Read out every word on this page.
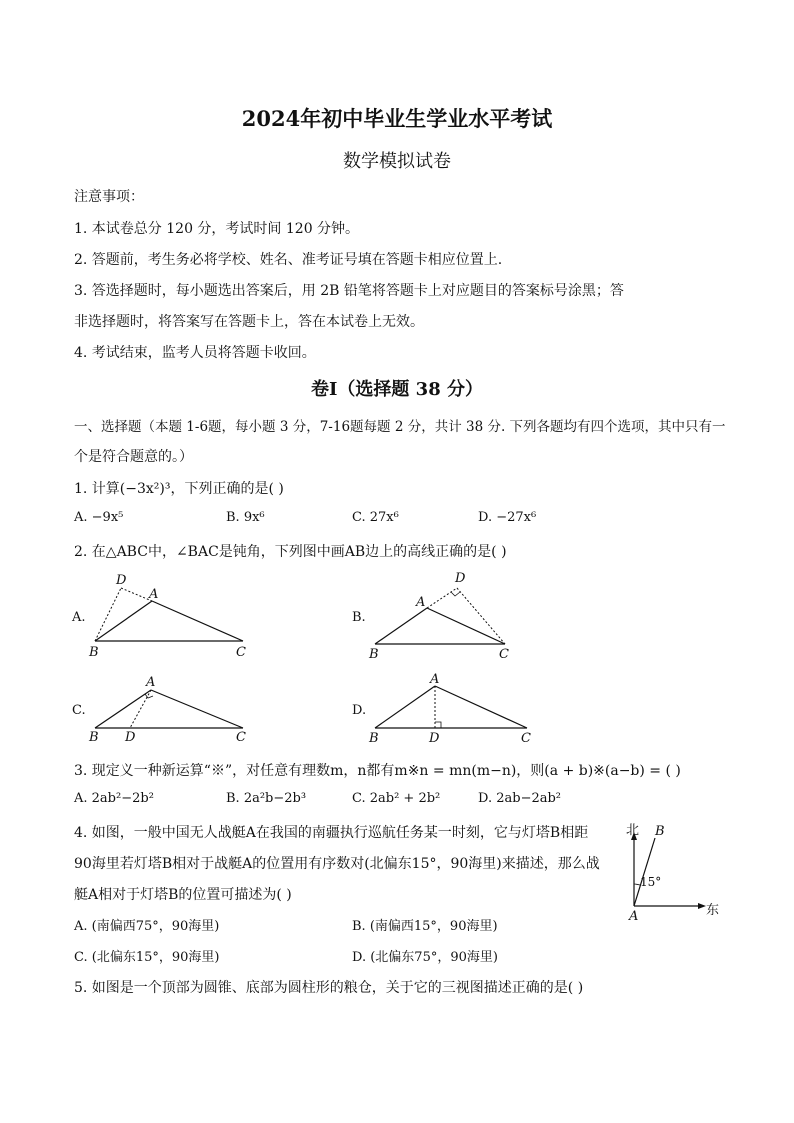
2024年初中毕业生学业水平考试
数学模拟试卷
注意事项：
1. 本试卷总分 120 分，考试时间 120 分钟。
2. 答题前，考生务必将学校、姓名、准考证号填在答题卡相应位置上.
3. 答选择题时，每小题选出答案后，用 2B 铅笔将答题卡上对应题目的答案标号涂黑；答
非选择题时，将答案写在答题卡上，答在本试卷上无效。
4. 考试结束，监考人员将答题卡收回。
卷Ⅰ（选择题 38 分）
一、选择题（本题 1-6题，每小题 3 分，7-16题每题 2 分，共计 38 分. 下列各题均有四个选项，其中只有一
个是符合题意的。）
1. 计算(−3x²)³，下列正确的是( )
A. −9x⁵	B. 9x⁶	C. 27x⁶	D. −27x⁶
2. 在△ABC中，∠BAC是钝角，下列图中画AB边上的高线正确的是( )
A.
D
A
B	C
B.
D
A
B	C
C.
A
B D	C
D.
A
B	D	C
3. 现定义一种新运算“※”，对任意有理数m，n都有m※n = mn(m−n)，则(a + b)※(a−b) = ( )
A. 2ab²−2b²	B. 2a²b−2b³	C. 2ab² + 2b²	D. 2ab−2ab²
4. 如图，一般中国无人战艇A在我国的南疆执行巡航任务某一时刻，它与灯塔B相距
90海里若灯塔B相对于战艇A的位置用有序数对(北偏东15°，90海里)来描述，那么战
艇A相对于灯塔B的位置可描述为( )
A. (南偏西75°，90海里)	B. (南偏西15°，90海里)
C. (北偏东15°，90海里)	D. (北偏东75°，90海里)
北 B
15°
A	东
5. 如图是一个顶部为圆锥、底部为圆柱形的粮仓，关于它的三视图描述正确的是( )
